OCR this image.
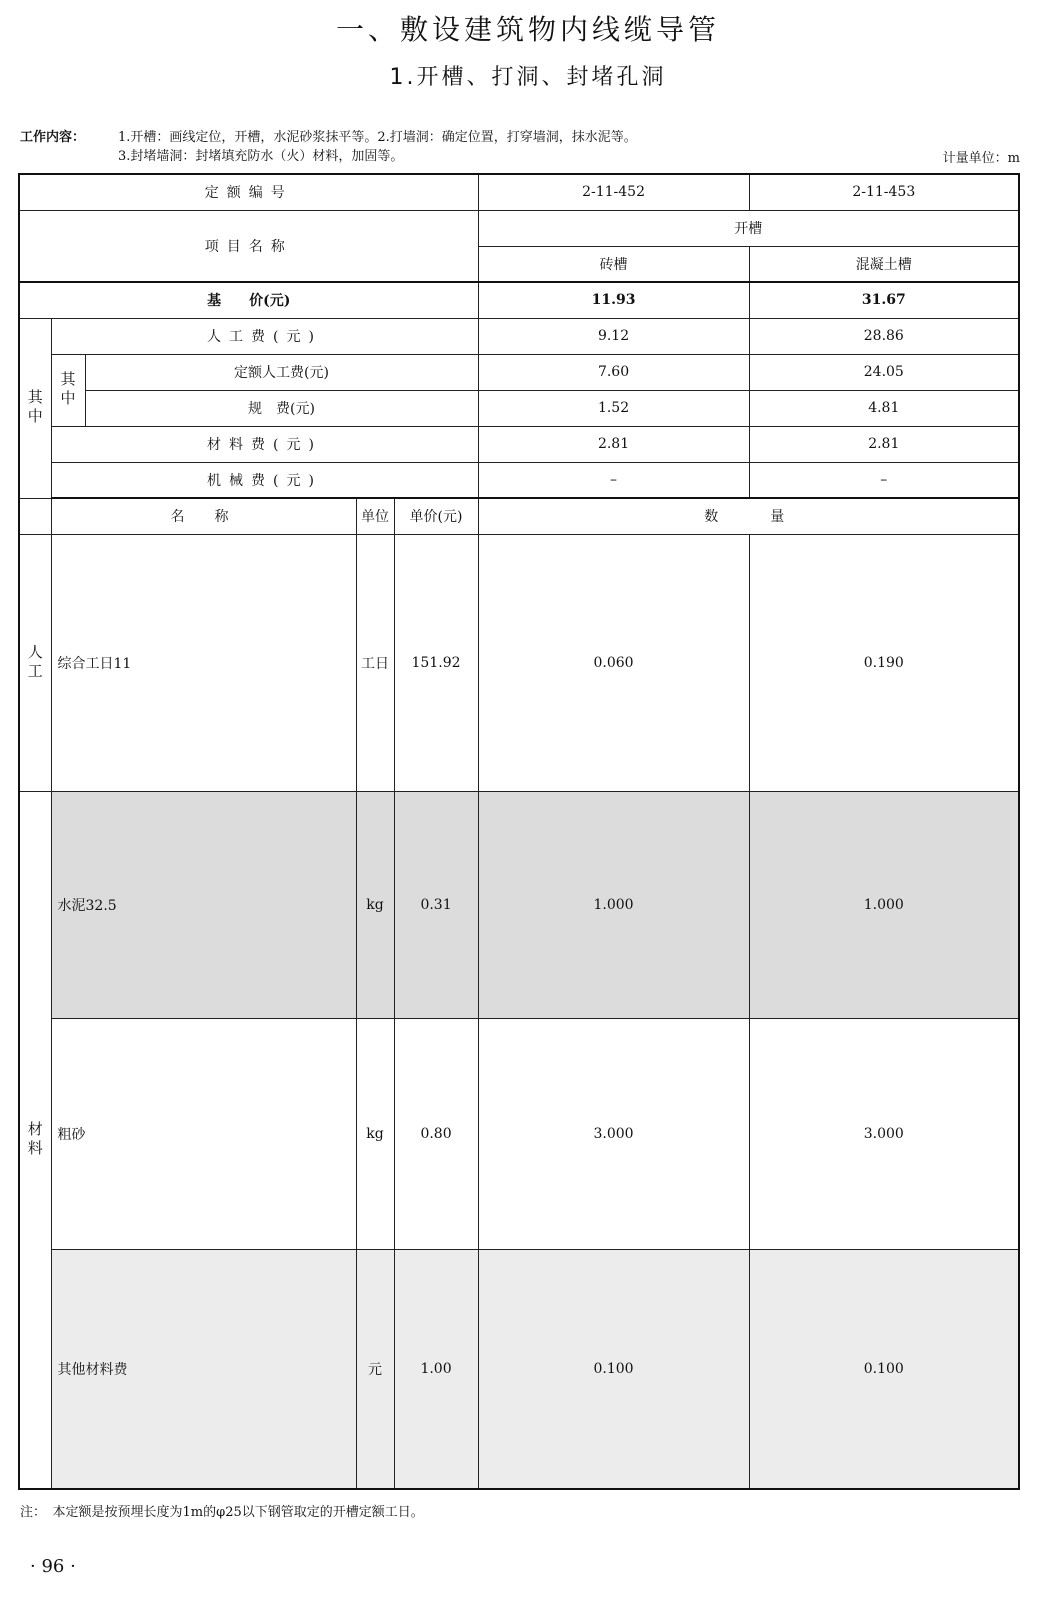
一、敷设建筑物内线缆导管
1.开槽、打洞、封堵孔洞
工作内容：	1.开槽：画线定位，开槽，水泥砂浆抹平等。2.打墙洞：确定位置，打穿墙洞，抹水泥等。
3.封堵墙洞：封堵填充防水（火）材料，加固等。	计量单位：m
定额编号					2-11-452	2-11-453
项目名称					开槽	
					砖槽	混凝土槽
基　　价(元)					11.93	31.67

其中	人工费(元)				9.12	28.86

	其中	定额人工费(元)			7.60	24.05
		规　费(元)			1.52	4.81
	材料费(元)				2.81	2.81
	机械费(元)				–	–
	名　称		单位	单价(元)	数　　量	

人工	综合工日11		工日	151.92	0.060	0.190

材料	水泥32.5		kg	0.31	1.000	1.000
	粗砂		kg	0.80	3.000	3.000
	其他材料费		元	1.00	0.100	0.100
注：　本定额是按预埋长度为1m的φ25以下钢管取定的开槽定额工日。
· 96 ·
